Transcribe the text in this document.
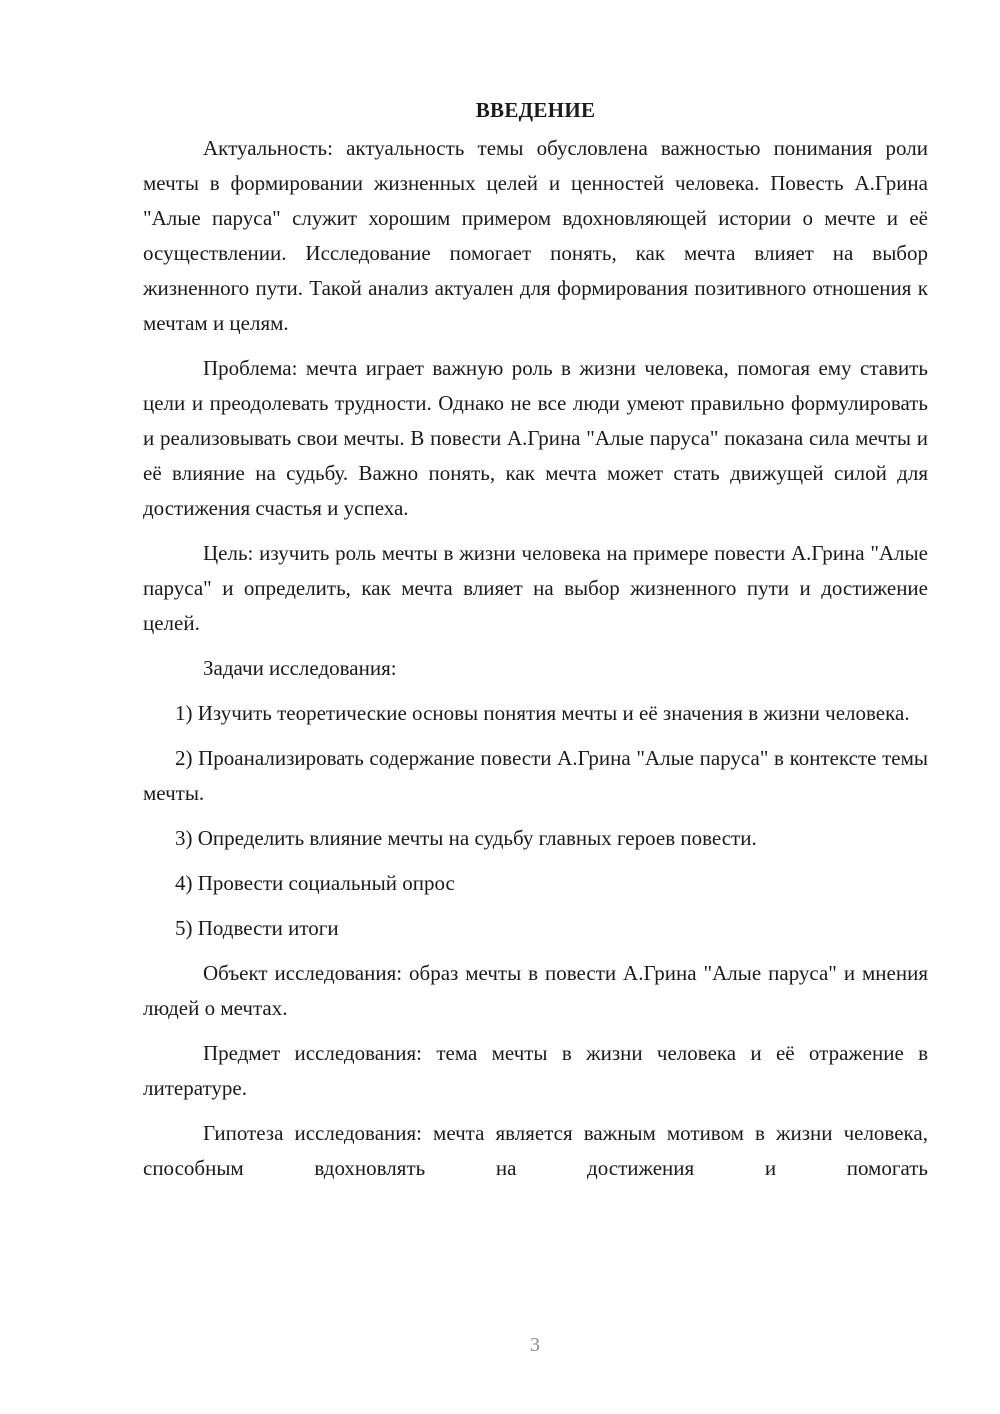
ВВЕДЕНИЕ

Актуальность: актуальность темы обусловлена важностью понимания роли мечты в формировании жизненных целей и ценностей человека. Повесть А.Грина "Алые паруса" служит хорошим примером вдохновляющей истории о мечте и её осуществлении. Исследование помогает понять, как мечта влияет на выбор жизненного пути. Такой анализ актуален для формирования позитивного отношения к мечтам и целям.

Проблема: мечта играет важную роль в жизни человека, помогая ему ставить цели и преодолевать трудности. Однако не все люди умеют правильно формулировать и реализовывать свои мечты. В повести А.Грина "Алые паруса" показана сила мечты и её влияние на судьбу. Важно понять, как мечта может стать движущей силой для достижения счастья и успеха.

Цель: изучить роль мечты в жизни человека на примере повести А.Грина "Алые паруса" и определить, как мечта влияет на выбор жизненного пути и достижение целей.

Задачи исследования:

1) Изучить теоретические основы понятия мечты и её значения в жизни человека.

2) Проанализировать содержание повести А.Грина "Алые паруса" в контексте темы мечты.

3) Определить влияние мечты на судьбу главных героев повести.

4) Провести социальный опрос

5) Подвести итоги

Объект исследования: образ мечты в повести А.Грина "Алые паруса" и мнения людей о мечтах.

Предмет исследования: тема мечты в жизни человека и её отражение в литературе.

Гипотеза исследования: мечта является важным мотивом в жизни человека, способным вдохновлять на достижения и помогать

3
